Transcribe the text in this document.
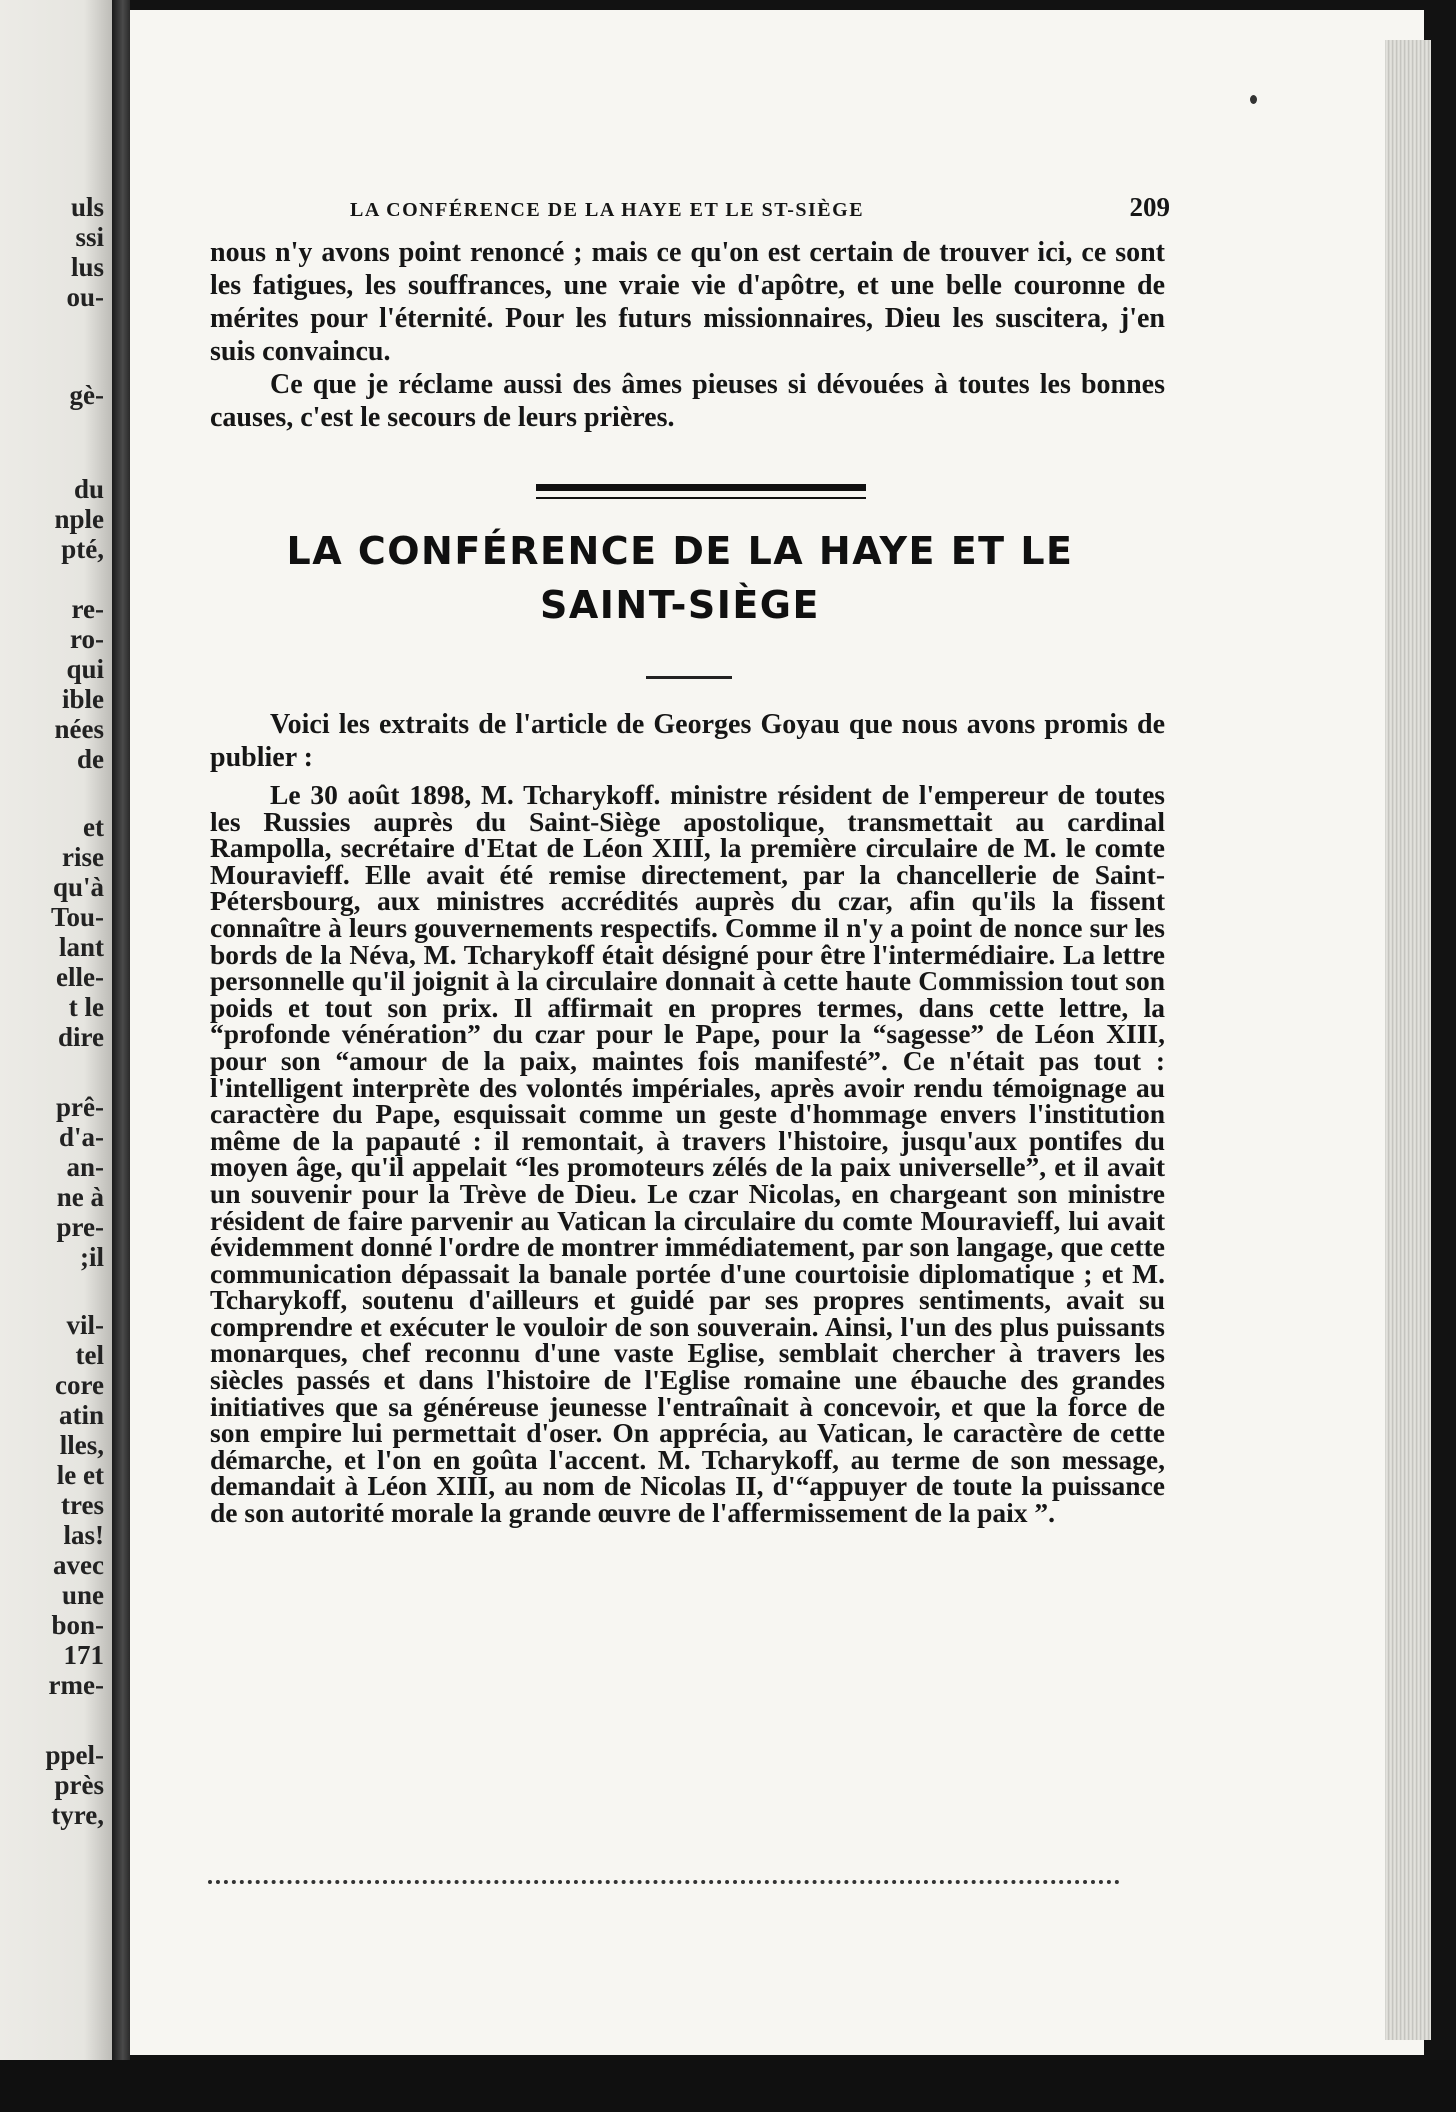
uls
ssi
lus
ou-
gè-
du
nple
pté,
re-
ro-
qui
ible
nées
de
et
rise
qu'à
Tou-
lant
elle-
t le
dire
prê-
d'a-
an-
ne à
pre-
;il
vil-
tel
core
atin
lles,
le et
tres
las!
avec
une
bon-
171
rme-
ppel-
près
tyre,
LA CONFÉRENCE DE LA HAYE ET LE ST-SIÈGE	209

nous n'y avons point renoncé ; mais ce qu'on est certain de trouver ici, ce sont les fatigues, les souffrances, une vraie vie d'apôtre, et une belle couronne de mérites pour l'éternité. Pour les futurs missionnaires, Dieu les suscitera, j'en suis convaincu.

Ce que je réclame aussi des âmes pieuses si dévouées à toutes les bonnes causes, c'est le secours de leurs prières.

LA CONFÉRENCE DE LA HAYE ET LE SAINT-SIÈGE

Voici les extraits de l'article de Georges Goyau que nous avons promis de publier :

Le 30 août 1898, M. Tcharykoff. ministre résident de l'empereur de toutes les Russies auprès du Saint-Siège apostolique, transmettait au cardinal Rampolla, secrétaire d'Etat de Léon XIII, la première circulaire de M. le comte Mouravieff. Elle avait été remise directement, par la chancellerie de Saint-Pétersbourg, aux ministres accrédités auprès du czar, afin qu'ils la fissent connaître à leurs gouvernements respectifs. Comme il n'y a point de nonce sur les bords de la Néva, M. Tcharykoff était désigné pour être l'intermédiaire. La lettre personnelle qu'il joignit à la circulaire donnait à cette haute Commission tout son poids et tout son prix. Il affirmait en propres termes, dans cette lettre, la “profonde vénération” du czar pour le Pape, pour la “sagesse” de Léon XIII, pour son “amour de la paix, maintes fois manifesté”. Ce n'était pas tout : l'intelligent interprète des volontés impériales, après avoir rendu témoignage au caractère du Pape, esquissait comme un geste d'hommage envers l'institution même de la papauté : il remontait, à travers l'histoire, jusqu'aux pontifes du moyen âge, qu'il appelait “les promoteurs zélés de la paix universelle”, et il avait un souvenir pour la Trève de Dieu. Le czar Nicolas, en chargeant son ministre résident de faire parvenir au Vatican la circulaire du comte Mouravieff, lui avait évidemment donné l'ordre de montrer immédiatement, par son langage, que cette communication dépassait la banale portée d'une courtoisie diplomatique ; et M. Tcharykoff, soutenu d'ailleurs et guidé par ses propres sentiments, avait su comprendre et exécuter le vouloir de son souverain. Ainsi, l'un des plus puissants monarques, chef reconnu d'une vaste Eglise, semblait chercher à travers les siècles passés et dans l'histoire de l'Eglise romaine une ébauche des grandes initiatives que sa généreuse jeunesse l'entraînait à concevoir, et que la force de son empire lui permettait d'oser. On apprécia, au Vatican, le caractère de cette démarche, et l'on en goûta l'accent. M. Tcharykoff, au terme de son message, demandait à Léon XIII, au nom de Nicolas II, d'“appuyer de toute la puissance de son autorité morale la grande œuvre de l'affermissement de la paix ”.
